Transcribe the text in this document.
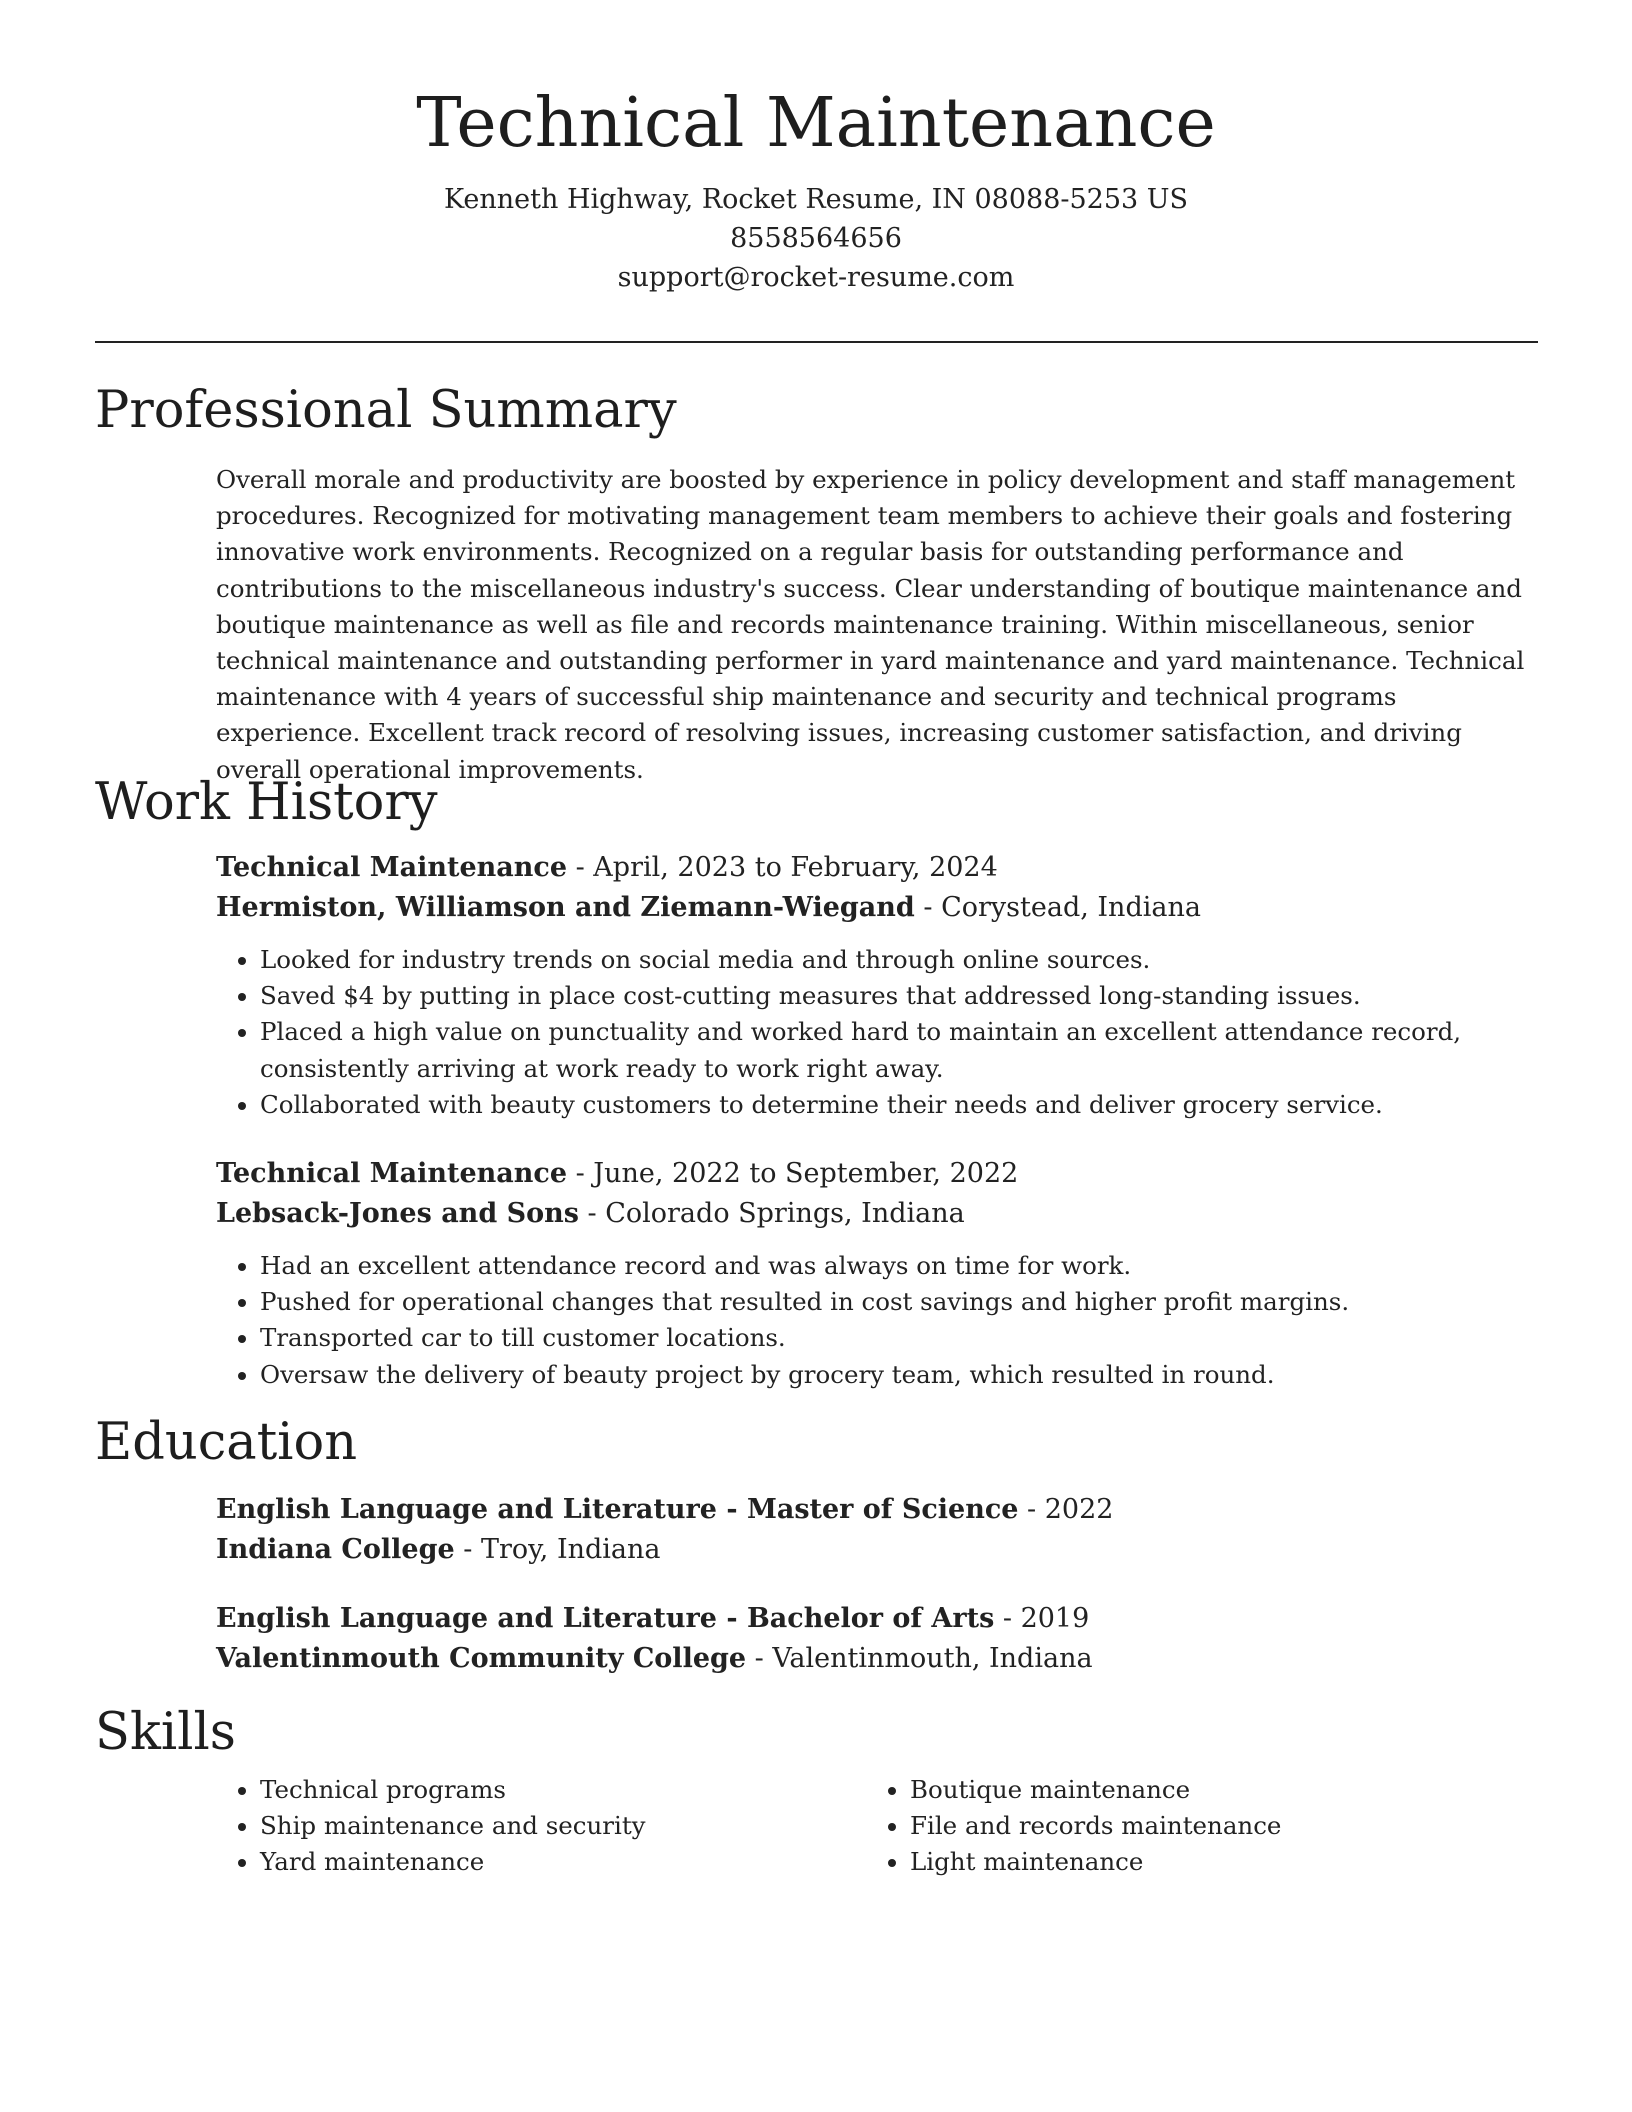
Technical Maintenance
Kenneth Highway, Rocket Resume, IN 08088-5253 US
8558564656
support@rocket-resume.com
Professional Summary

Overall morale and productivity are boosted by experience in policy development and staff management procedures. Recognized for motivating management team members to achieve their goals and fostering innovative work environments. Recognized on a regular basis for outstanding performance and contributions to the miscellaneous industry's success. Clear understanding of boutique maintenance and boutique maintenance as well as file and records maintenance training. Within miscellaneous, senior technical maintenance and outstanding performer in yard maintenance and yard maintenance. Technical maintenance with 4 years of successful ship maintenance and security and technical programs experience. Excellent track record of resolving issues, increasing customer satisfaction, and driving overall operational improvements.

Work History
Technical Maintenance - April, 2023 to February, 2024
Hermiston, Williamson and Ziemann-Wiegand - Corystead, Indiana
• Looked for industry trends on social media and through online sources.
• Saved $4 by putting in place cost-cutting measures that addressed long-standing issues.
• Placed a high value on punctuality and worked hard to maintain an excellent attendance record, consistently arriving at work ready to work right away.
• Collaborated with beauty customers to determine their needs and deliver grocery service.
Technical Maintenance - June, 2022 to September, 2022
Lebsack-Jones and Sons - Colorado Springs, Indiana
• Had an excellent attendance record and was always on time for work.
• Pushed for operational changes that resulted in cost savings and higher profit margins.
• Transported car to till customer locations.
• Oversaw the delivery of beauty project by grocery team, which resulted in round.
Education
English Language and Literature - Master of Science - 2022
Indiana College - Troy, Indiana
English Language and Literature - Bachelor of Arts - 2019
Valentinmouth Community College - Valentinmouth, Indiana
Skills
• Technical programs
• Ship maintenance and security
• Yard maintenance
• Boutique maintenance
• File and records maintenance
• Light maintenance
